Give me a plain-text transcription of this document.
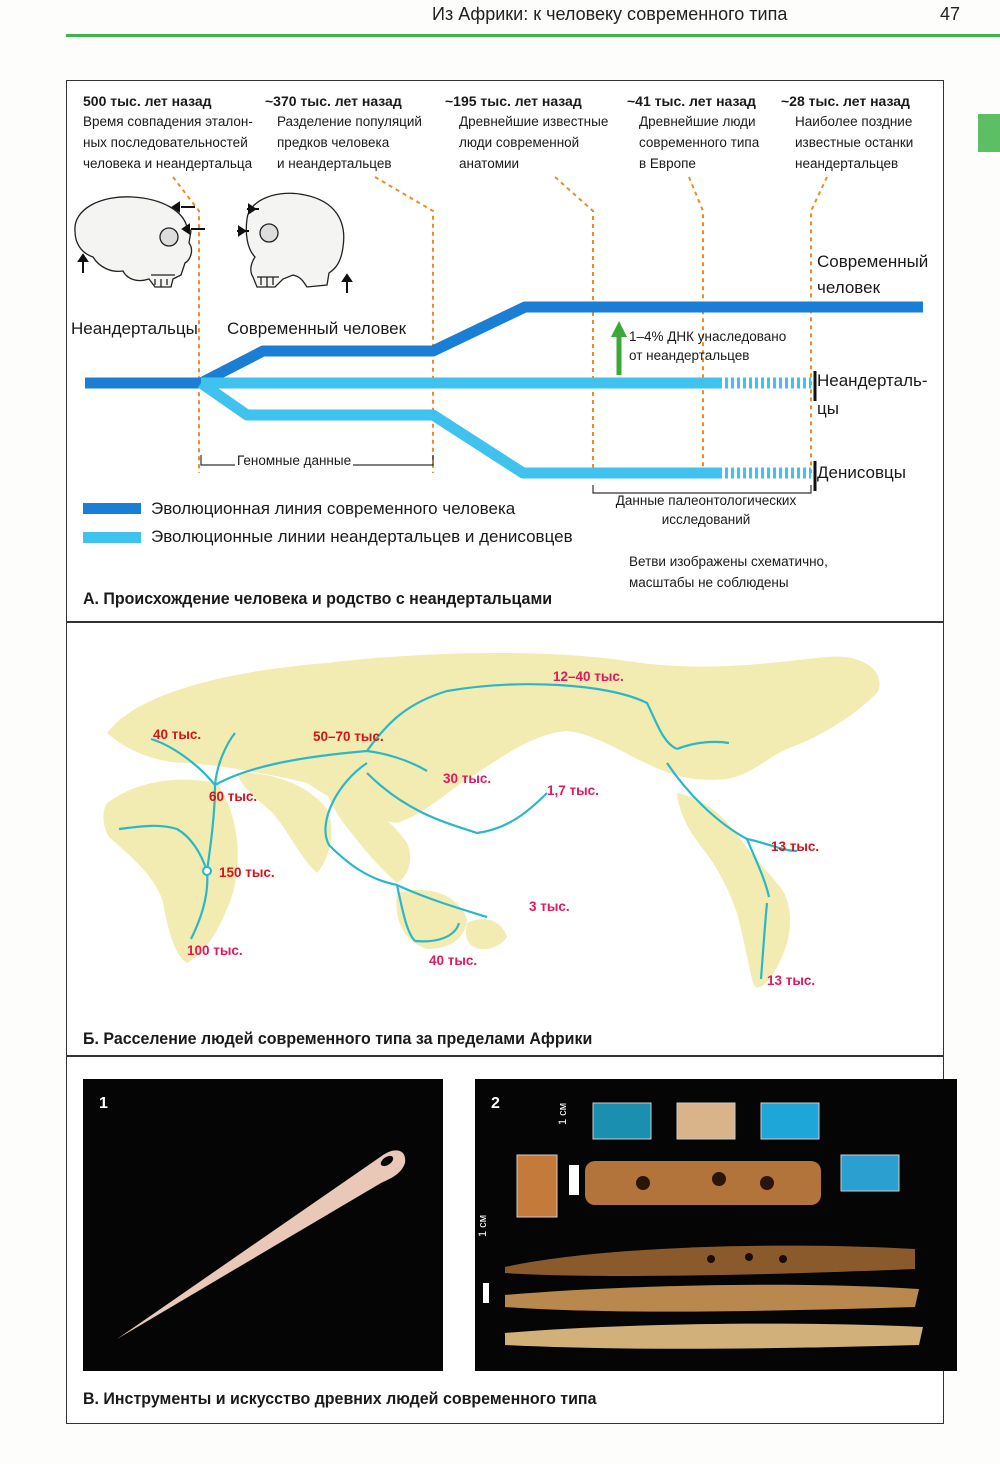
Из Африки: к человеку современного типа	47
500 тыс. лет назад
Время совпадения эталон-
ных последовательностей
человека и неандертальца
~370 тыс. лет назад
Разделение популяций
предков человека
и неандертальцев
~195 тыс. лет назад
Древнейшие известные
люди современной
анатомии
~41 тыс. лет назад
Древнейшие люди
современного типа
в Европе
~28 тыс. лет назад
Наиболее поздние
известные останки
неандертальцев
Неандертальцы Современный человек
Современный
человек
Неандерталь-
цы
Денисовцы
1–4% ДНК унаследовано
от неандертальцев
Геномные данные
Данные палеонтологических
исследований
Эволюционная линия современного человека
Эволюционные линии неандертальцев и денисовцев
Ветви изображены схематично,
масштабы не соблюдены
А. Происхождение человека и родство с неандертальцами
40 тыс.	50–70 тыс.
12–40 тыс.
60 тыс.
30 тыс.
1,7 тыс.
150 тыс.
13 тыс.
3 тыс.
100 тыс.
40 тыс.
13 тыс.
Б. Расселение людей современного типа за пределами Африки
1	2	1 см
1 см
В. Инструменты и искусство древних людей современного типа
